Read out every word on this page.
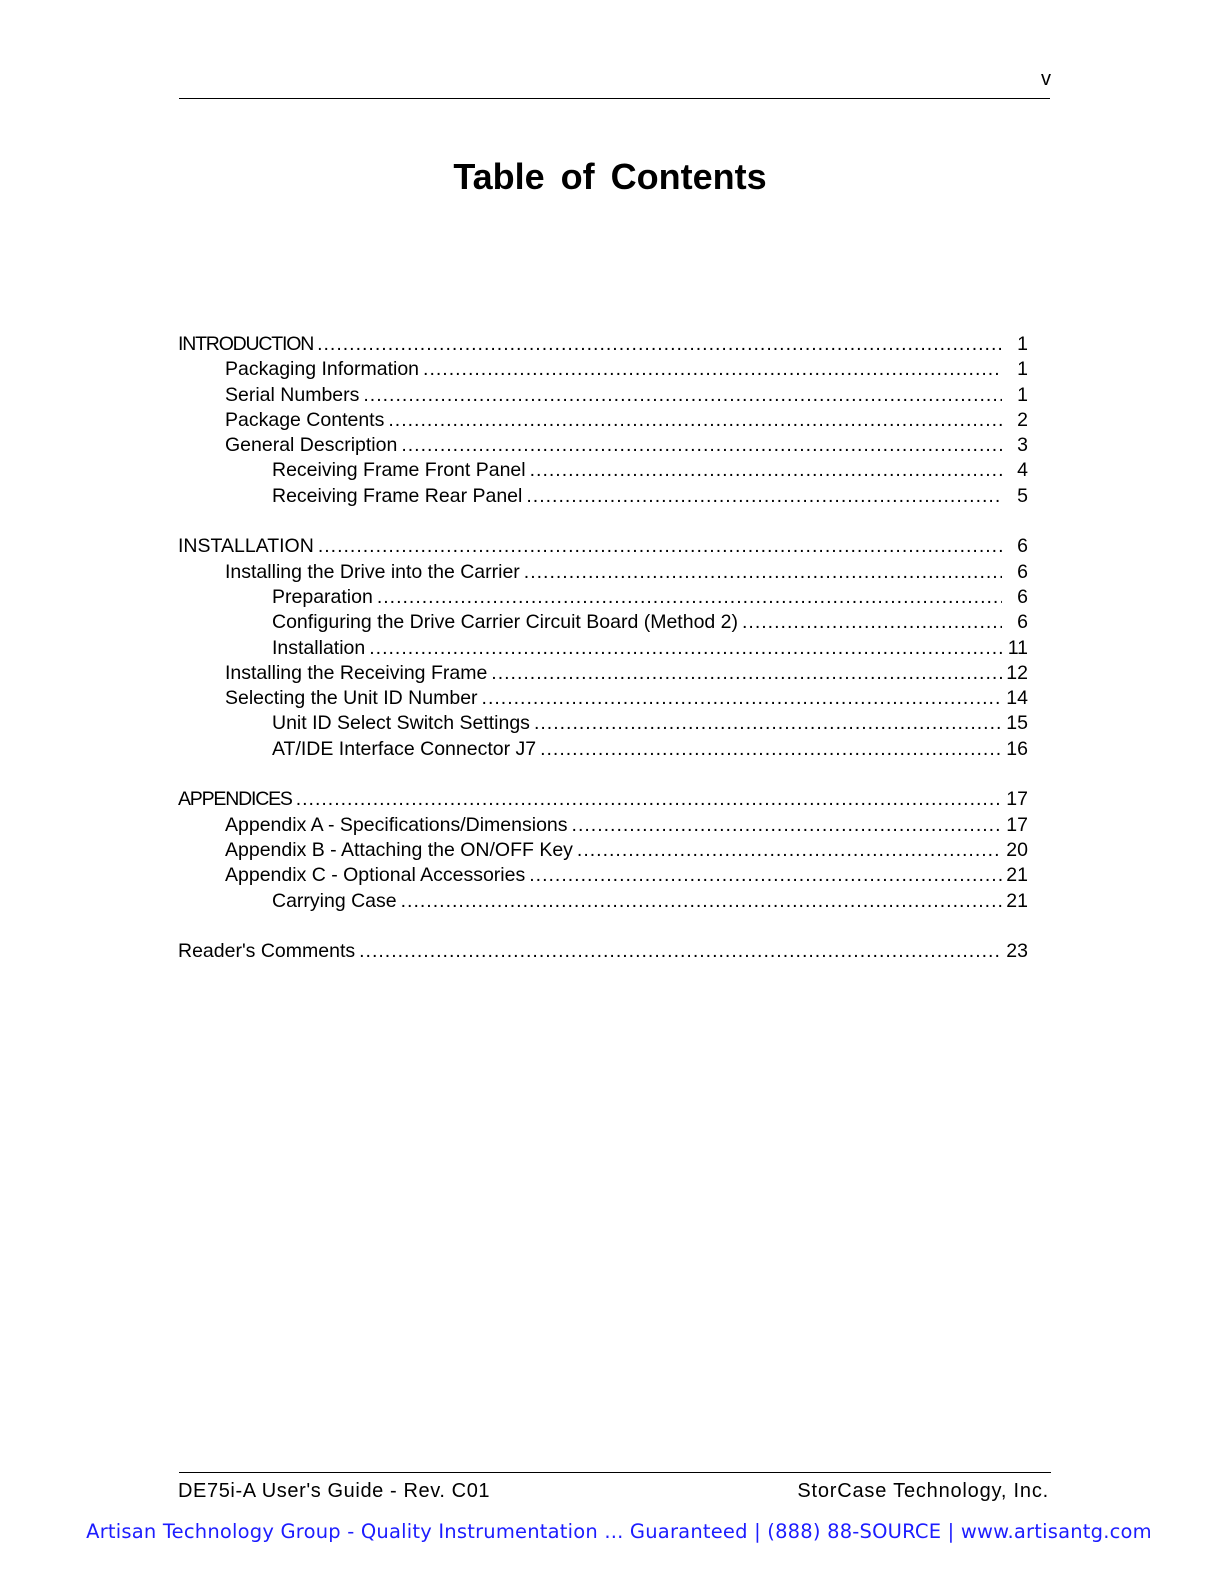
v
Table of Contents
INTRODUCTION .....	1
Packaging Information .....	1
Serial Numbers .....	1
Package Contents .....	2
General Description .....	3
Receiving Frame Front Panel .....	4
Receiving Frame Rear Panel .....	5
INSTALLATION .....	6
Installing the Drive into the Carrier .....	6
Preparation .....	6
Configuring the Drive Carrier Circuit Board (Method 2) .....	6
Installation .....	11
Installing the Receiving Frame .....	12
Selecting the Unit ID Number .....	14
Unit ID Select Switch Settings .....	15
AT/IDE Interface Connector J7 .....	16
APPENDICES .....	17
Appendix A - Specifications/Dimensions .....	17
Appendix B - Attaching the ON/OFF Key .....	20
Appendix C - Optional Accessories .....	21
Carrying Case .....	21
Reader's Comments .....	23
DE75i-A User's Guide - Rev. C01	StorCase Technology, Inc.
Artisan Technology Group - Quality Instrumentation ... Guaranteed | (888) 88-SOURCE | www.artisantg.com
